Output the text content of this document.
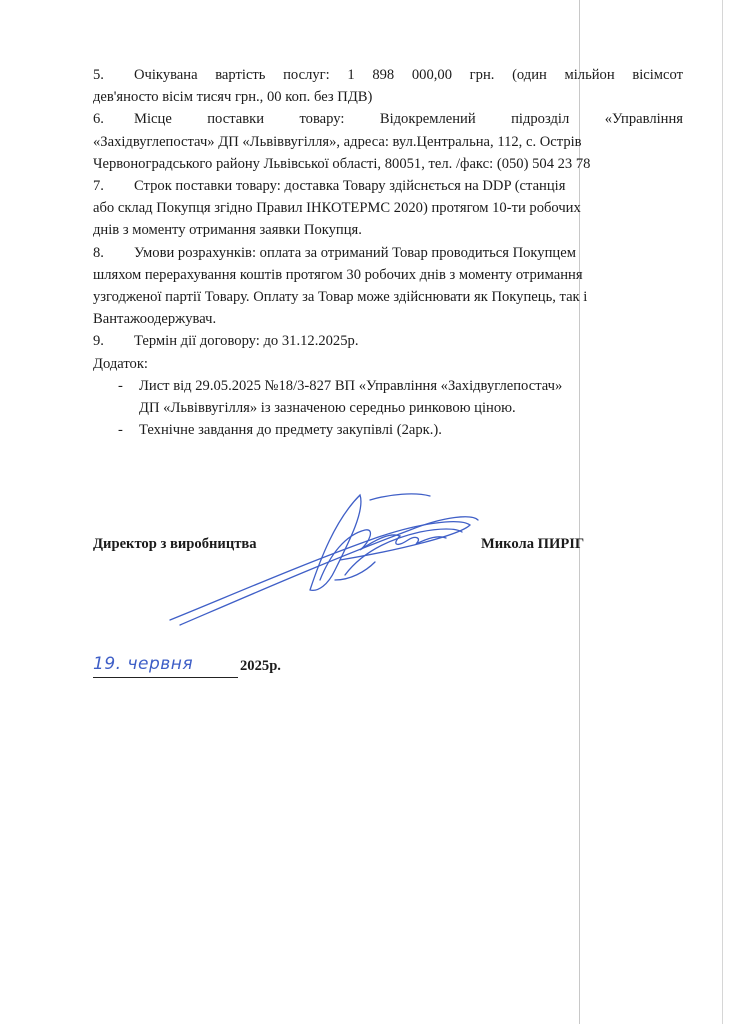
5. Очікувана вартість послуг: 1 898 000,00 грн. (один мільйон вісімсот
дев'яносто вісім тисяч грн., 00 коп. без ПДВ)
6. Місце поставки товару: Відокремлений підрозділ «Управління
«Західвуглепостач» ДП «Львіввугілля», адреса: вул.Центральна, 112, с. Острів
Червоноградського району Львівської області, 80051, тел. /факс: (050) 504 23 78
7. Строк поставки товару: доставка Товару здійснється на DDP (станція
або склад Покупця згідно Правил ІНКОТЕРМС 2020) протягом 10-ти робочих
днів з моменту отримання заявки Покупця.
8. Умови розрахунків: оплата за отриманий Товар проводиться Покупцем
шляхом перерахування коштів протягом 30 робочих днів з моменту отримання
узгодженої партії Товару. Оплату за Товар може здійснювати як Покупець, так і
Вантажоодержувач.
9. Термін дії договору: до 31.12.2025р.
Додаток:
- Лист від 29.05.2025 №18/3-827 ВП «Управління «Західвуглепостач»
ДП «Львіввугілля» із зазначеною середньо ринковою ціною.
- Технічне завдання до предмету закупівлі (2арк.).
Директор з виробництва	Микола ПИРІГ
19. червня	2025р.
